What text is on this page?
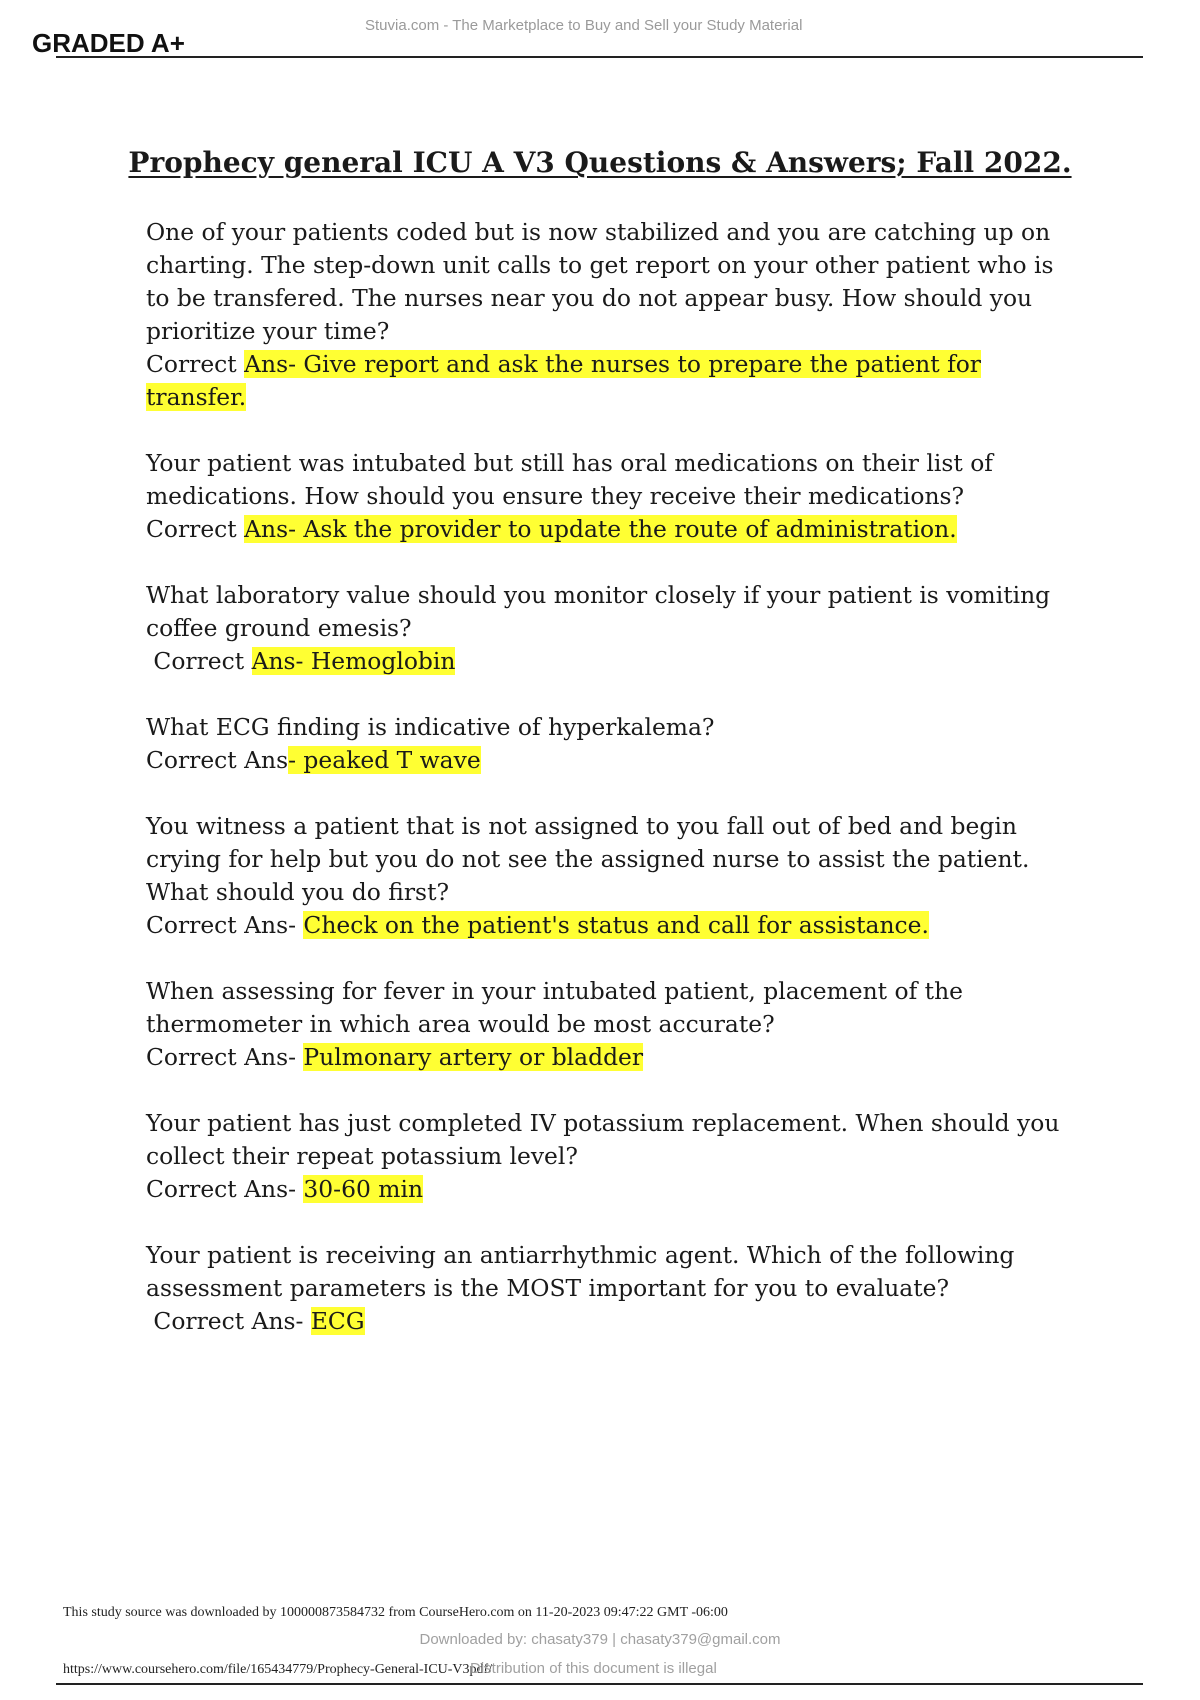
GRADED A+
Stuvia.com - The Marketplace to Buy and Sell your Study Material
Prophecy general ICU A V3 Questions & Answers; Fall 2022.
One of your patients coded but is now stabilized and you are catching up on charting. The step-down unit calls to get report on your other patient who is to be transfered. The nurses near you do not appear busy. How should you prioritize your time?
Correct Ans- Give report and ask the nurses to prepare the patient for transfer.
Your patient was intubated but still has oral medications on their list of medications. How should you ensure they receive their medications?
Correct Ans- Ask the provider to update the route of administration.
What laboratory value should you monitor closely if your patient is vomiting coffee ground emesis?
Correct Ans- Hemoglobin
What ECG finding is indicative of hyperkalema?
Correct Ans- peaked T wave
You witness a patient that is not assigned to you fall out of bed and begin crying for help but you do not see the assigned nurse to assist the patient. What should you do first?
Correct Ans- Check on the patient's status and call for assistance.
When assessing for fever in your intubated patient, placement of the thermometer in which area would be most accurate?
Correct Ans- Pulmonary artery or bladder
Your patient has just completed IV potassium replacement. When should you collect their repeat potassium level?
Correct Ans- 30-60 min
Your patient is receiving an antiarrhythmic agent. Which of the following assessment parameters is the MOST important for you to evaluate?
Correct Ans- ECG
This study source was downloaded by 100000873584732 from CourseHero.com on 11-20-2023 09:47:22 GMT -06:00
Downloaded by: chasaty379 | chasaty379@gmail.com
https://www.coursehero.com/file/165434779/Prophecy-General-ICU-V3pdf/
Distribution of this document is illegal
